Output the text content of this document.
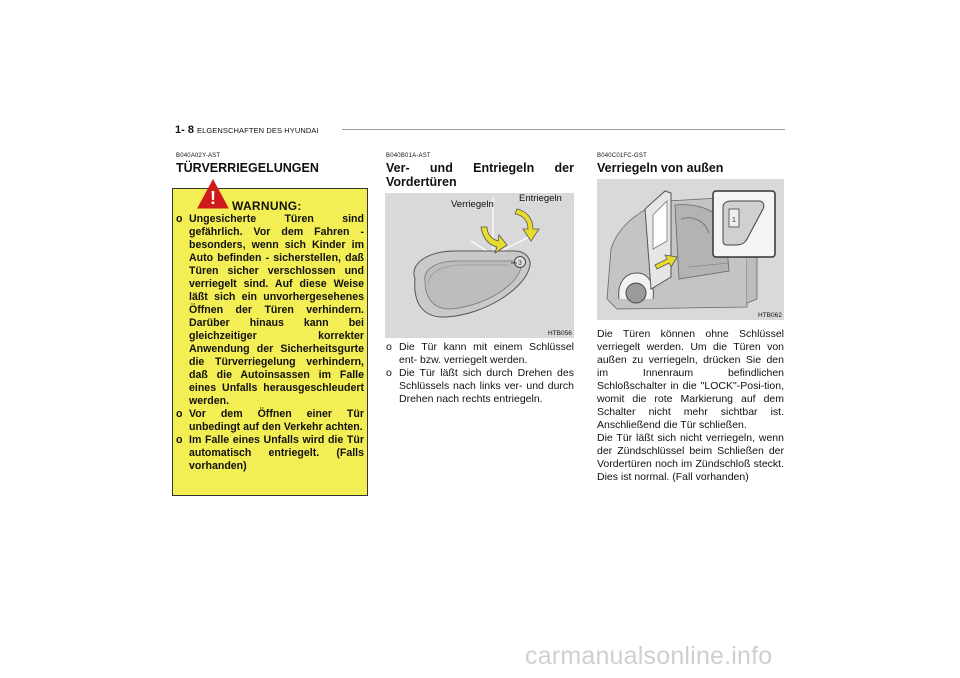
1- 8 ELGENSCHAFTEN DES HYUNDAI
B040A02Y-AST
TÜRVERRIEGELUNGEN
! WARNUNG:
o Ungesicherte Türen sind gefährlich. Vor dem Fahren - besonders, wenn sich Kinder im Auto befinden - sicherstellen, daß Türen sicher verschlossen und verriegelt sind. Auf diese Weise läßt sich ein unvorhergesehenes Öffnen der Türen verhindern. Darüber hinaus kann bei gleichzeitiger korrekter Anwendung der Sicherheitsgurte die Türverriegelung verhindern, daß die Autoinsassen im Falle eines Unfalls herausgeschleudert werden.
o Vor dem Öffnen einer Tür unbedingt auf den Verkehr achten.
o Im Falle eines Unfalls wird die Tür automatisch entriegelt. (Falls vorhanden)
B040B01A-AST
Ver- und Entriegeln der
Vordertüren
3
Verriegeln
Entriegeln
HTB056
o Die Tür kann mit einem Schlüssel ent- bzw. verriegelt werden.
o Die Tür läßt sich durch Drehen des Schlüssels nach links ver- und durch Drehen nach rechts entriegeln.
B040C01FC-GST
Verriegeln von außen
1
HTB062

Die Türen können ohne Schlüssel verriegelt werden. Um die Türen von außen zu verriegeln, drücken Sie den im Innenraum befindlichen Schloßschalter in die "LOCK"-Posi-tion, womit die rote Markierung auf dem Schalter nicht mehr sichtbar ist. Anschließend die Tür schließen.

Die Tür läßt sich nicht verriegeln, wenn der Zündschlüssel beim Schließen der Vordertüren noch im Zündschloß steckt. Dies ist normal. (Fall vorhanden)

carmanualsonline.info
